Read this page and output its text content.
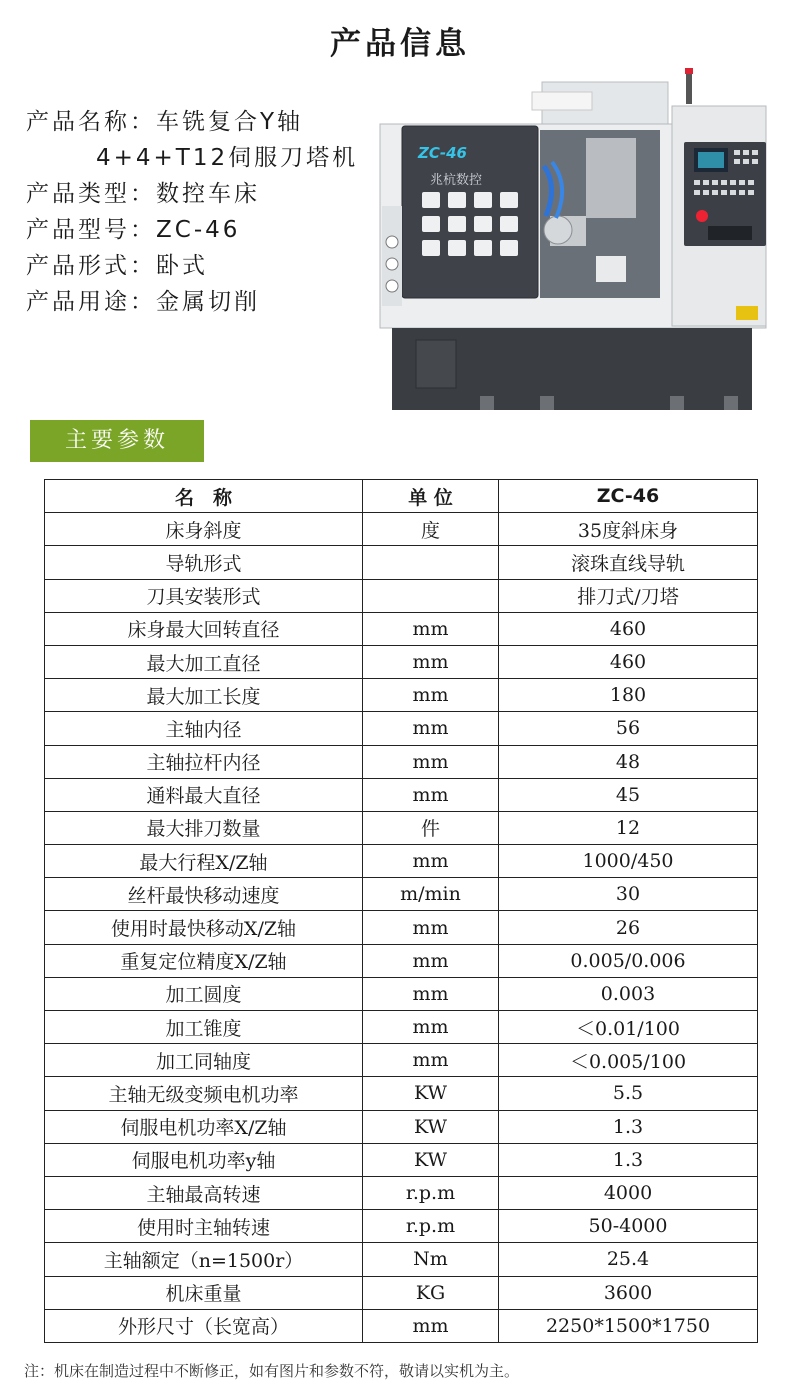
产品信息
产品名称：车铣复合Y轴
4+4+T12伺服刀塔机
产品类型：数控车床
产品型号：ZC-46
产品形式：卧式
产品用途：金属切削
ZC-46
兆杭数控
主要参数
名　称	单 位	ZC-46
床身斜度	度	35度斜床身
导轨形式		滚珠直线导轨
刀具安装形式		排刀式/刀塔
床身最大回转直径	mm	460
最大加工直径	mm	460
最大加工长度	mm	180
主轴内径	mm	56
主轴拉杆内径	mm	48
通料最大直径	mm	45
最大排刀数量	件	12
最大行程X/Z轴	mm	1000/450
丝杆最快移动速度	m/min	30
使用时最快移动X/Z轴	mm	26
重复定位精度X/Z轴	mm	0.005/0.006
加工圆度	mm	0.003
加工锥度	mm	＜0.01/100
加工同轴度	mm	＜0.005/100
主轴无级变频电机功率	KW	5.5
伺服电机功率X/Z轴	KW	1.3
伺服电机功率y轴	KW	1.3
主轴最高转速	r.p.m	4000
使用时主轴转速	r.p.m	50-4000
主轴额定（n=1500r）	Nm	25.4
机床重量	KG	3600
外形尺寸（长宽高）	mm	2250*1500*1750
注：机床在制造过程中不断修正，如有图片和参数不符，敬请以实机为主。
